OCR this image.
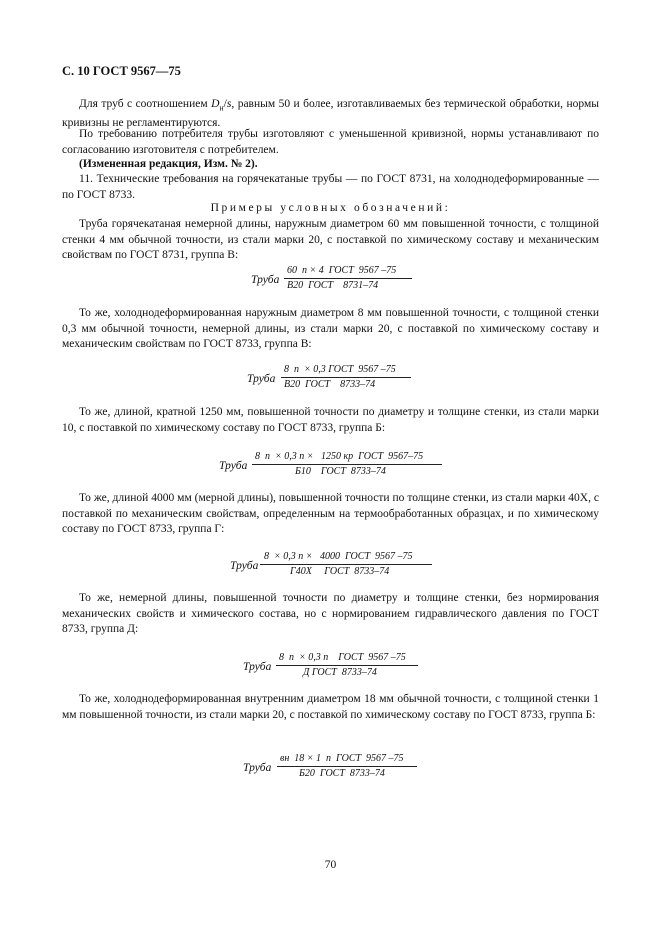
С. 10 ГОСТ 9567—75

Для труб с соотношением $D_н/s$, равным 50 и более, изготавливаемых без термической обработки, нормы кривизны не регламентируются.

По требованию потребителя трубы изготовляют с уменьшенной кривизной, нормы устанавливают по согласованию изготовителя с потребителем.

(Измененная редакция, Изм. № 2).

11. Технические требования на горячекатаные трубы — по ГОСТ 8731, на холоднодеформированные — по ГОСТ 8733.

Примеры условных обозначений:

Труба горячекатаная немерной длины, наружным диаметром 60 мм повышенной точности, с толщиной стенки 4 мм обычной точности, из стали марки 20, с поставкой по химическому составу и механическим свойствам по ГОСТ 8731, группа В:

Труба
60  п × 4  ГОСТ  9567 –75
В20  ГОСТ    8731–74

То же, холоднодеформированная наружным диаметром 8 мм повышенной точности, с толщиной стенки 0,3 мм обычной точности, немерной длины, из стали марки 20, с поставкой по химическому составу и механическим свойствам по ГОСТ 8733, группа В:

Труба
8  п  × 0,3 ГОСТ  9567 –75
В20  ГОСТ    8733–74

То же, длиной, кратной 1250 мм, повышенной точности по диаметру и толщине стенки, из стали марки 10, с поставкой по химическому составу по ГОСТ 8733, группа Б:

Труба
8  п  × 0,3 п ×   1250 кр  ГОСТ  9567–75
Б10    ГОСТ  8733–74

То же, длиной 4000 мм (мерной длины), повышенной точности по толщине стенки, из стали марки 40Х, с поставкой по механическим свойствам, определенным на термообработанных образцах, и по химическому составу по ГОСТ 8733, группа Г:

Труба
8  × 0,3 п ×   4000  ГОСТ  9567 –75
Г40Х     ГОСТ  8733–74

То же, немерной длины, повышенной точности по диаметру и толщине стенки, без нормирования механических свойств и химического состава, но с нормированием гидравлического давления по ГОСТ 8733, группа Д:

Труба
8  п  × 0,3 п    ГОСТ  9567 –75
Д ГОСТ  8733–74

То же, холоднодеформированная внутренним диаметром 18 мм обычной точности, с толщиной стенки 1 мм повышенной точности, из стали марки 20, с поставкой по химическому составу по ГОСТ 8733, группа Б:

Труба
вн  18 × 1  п  ГОСТ  9567 –75
Б20  ГОСТ  8733–74
70
